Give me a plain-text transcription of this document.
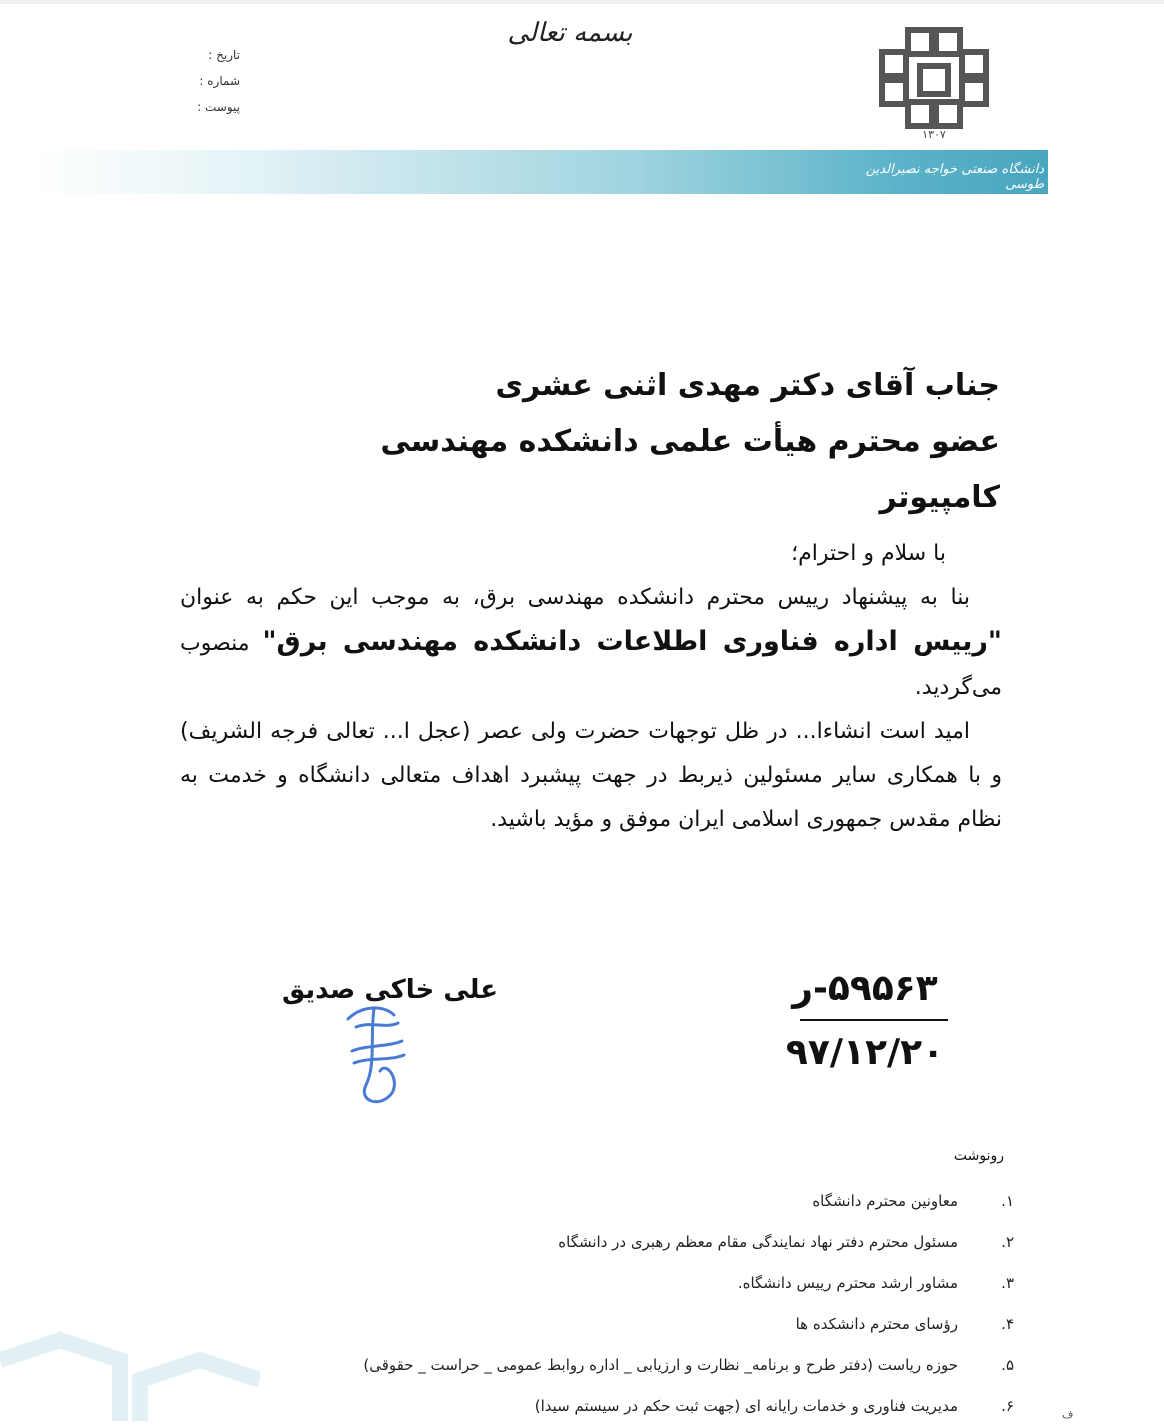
بسمه تعالی
تاریخ :
شماره :
پیوست :
۱۳۰۷
دانشگاه صنعتی خواجه نصیرالدین طوسی
جناب آقای دکتر مهدی اثنی عشری
عضو محترم هیأت علمی دانشکده مهندسی کامپیوتر

با سلام و احترام؛

بنا به پیشنهاد رییس محترم دانشکده مهندسی برق، به موجب این حکم به عنوان "رییس اداره فناوری اطلاعات دانشکده مهندسی برق" منصوب می‌گردید.

امید است انشاءا... در ظل توجهات حضرت ولی عصر (عجل ا... تعالی فرجه الشریف) و با همکاری سایر مسئولین ذیربط در جهت پیشبرد اهداف متعالی دانشگاه و خدمت به نظام مقدس جمهوری اسلامی ایران موفق و مؤید باشید.

علی خاکی صدیق	۵۹۵۶۳-ر
۹۷/۱۲/۲۰
رونوشت
۱.
معاونین محترم دانشگاه
۲.
مسئول محترم دفتر نهاد نمایندگی مقام معظم رهبری در دانشگاه
۳.
مشاور ارشد محترم رییس دانشگاه.
۴.
رؤسای محترم دانشکده ها
۵.
حوزه ریاست (دفتر طرح و برنامه_ نظارت و ارزیابی _ اداره روابط عمومی _ حراست _ حقوقی)
۶.
مدیریت فناوری و خدمات رایانه ای (جهت ثبت حکم در سیستم سیدا)	ف
